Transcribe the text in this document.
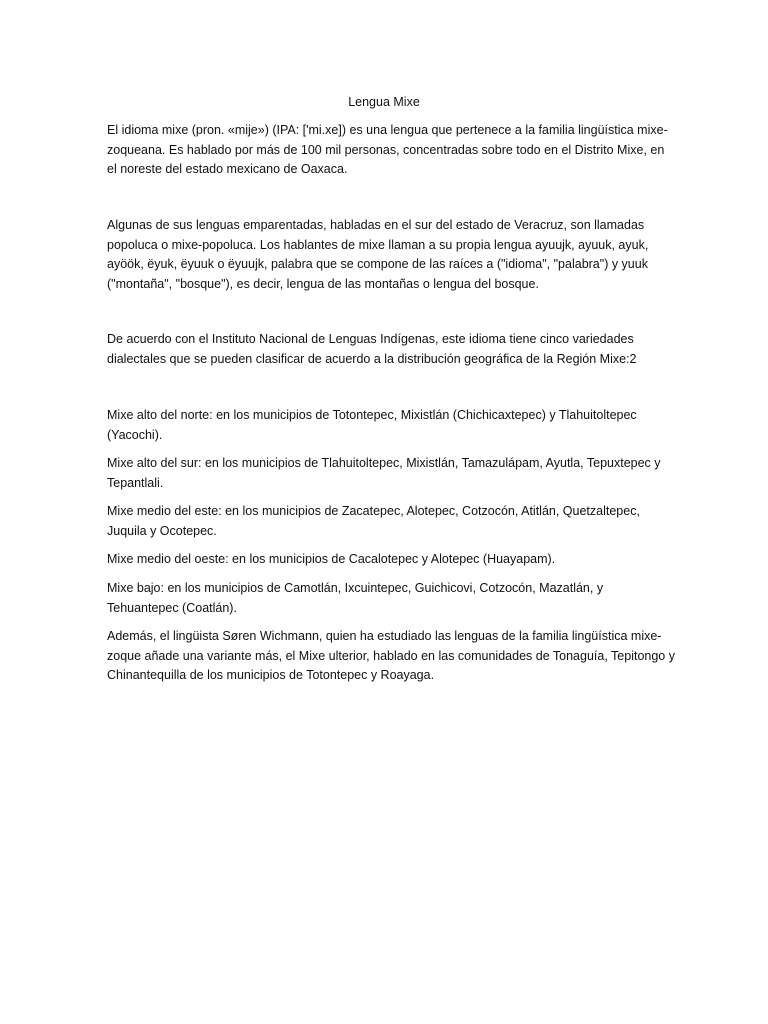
Lengua Mixe

El idioma mixe (pron. «mije») (IPA: ['mi.xe]) es una lengua que pertenece a la familia lingüística mixe-zoqueana. Es hablado por más de 100 mil personas, concentradas sobre todo en el Distrito Mixe, en el noreste del estado mexicano de Oaxaca.

Algunas de sus lenguas emparentadas, habladas en el sur del estado de Veracruz, son llamadas popoluca o mixe-popoluca. Los hablantes de mixe llaman a su propia lengua ayuujk, ayuuk, ayuk, ayöök, ëyuk, ëyuuk o ëyuujk, palabra que se compone de las raíces a ("idioma", "palabra") y yuuk ("montaña", "bosque"), es decir, lengua de las montañas o lengua del bosque.

De acuerdo con el Instituto Nacional de Lenguas Indígenas, este idioma tiene cinco variedades dialectales que se pueden clasificar de acuerdo a la distribución geográfica de la Región Mixe:2

Mixe alto del norte: en los municipios de Totontepec, Mixistlán (Chichicaxtepec) y Tlahuitoltepec (Yacochi).

Mixe alto del sur: en los municipios de Tlahuitoltepec, Mixistlán, Tamazulápam, Ayutla, Tepuxtepec y Tepantlali.

Mixe medio del este: en los municipios de Zacatepec, Alotepec, Cotzocón, Atitlán, Quetzaltepec, Juquila y Ocotepec.

Mixe medio del oeste: en los municipios de Cacalotepec y Alotepec (Huayapam).

Mixe bajo: en los municipios de Camotlán, Ixcuintepec, Guichicovi, Cotzocón, Mazatlán, y Tehuantepec (Coatlán).

Además, el lingüista Søren Wichmann, quien ha estudiado las lenguas de la familia lingüística mixe-zoque añade una variante más, el Mixe ulterior, hablado en las comunidades de Tonaguía, Tepitongo y Chinantequilla de los municipios de Totontepec y Roayaga.
